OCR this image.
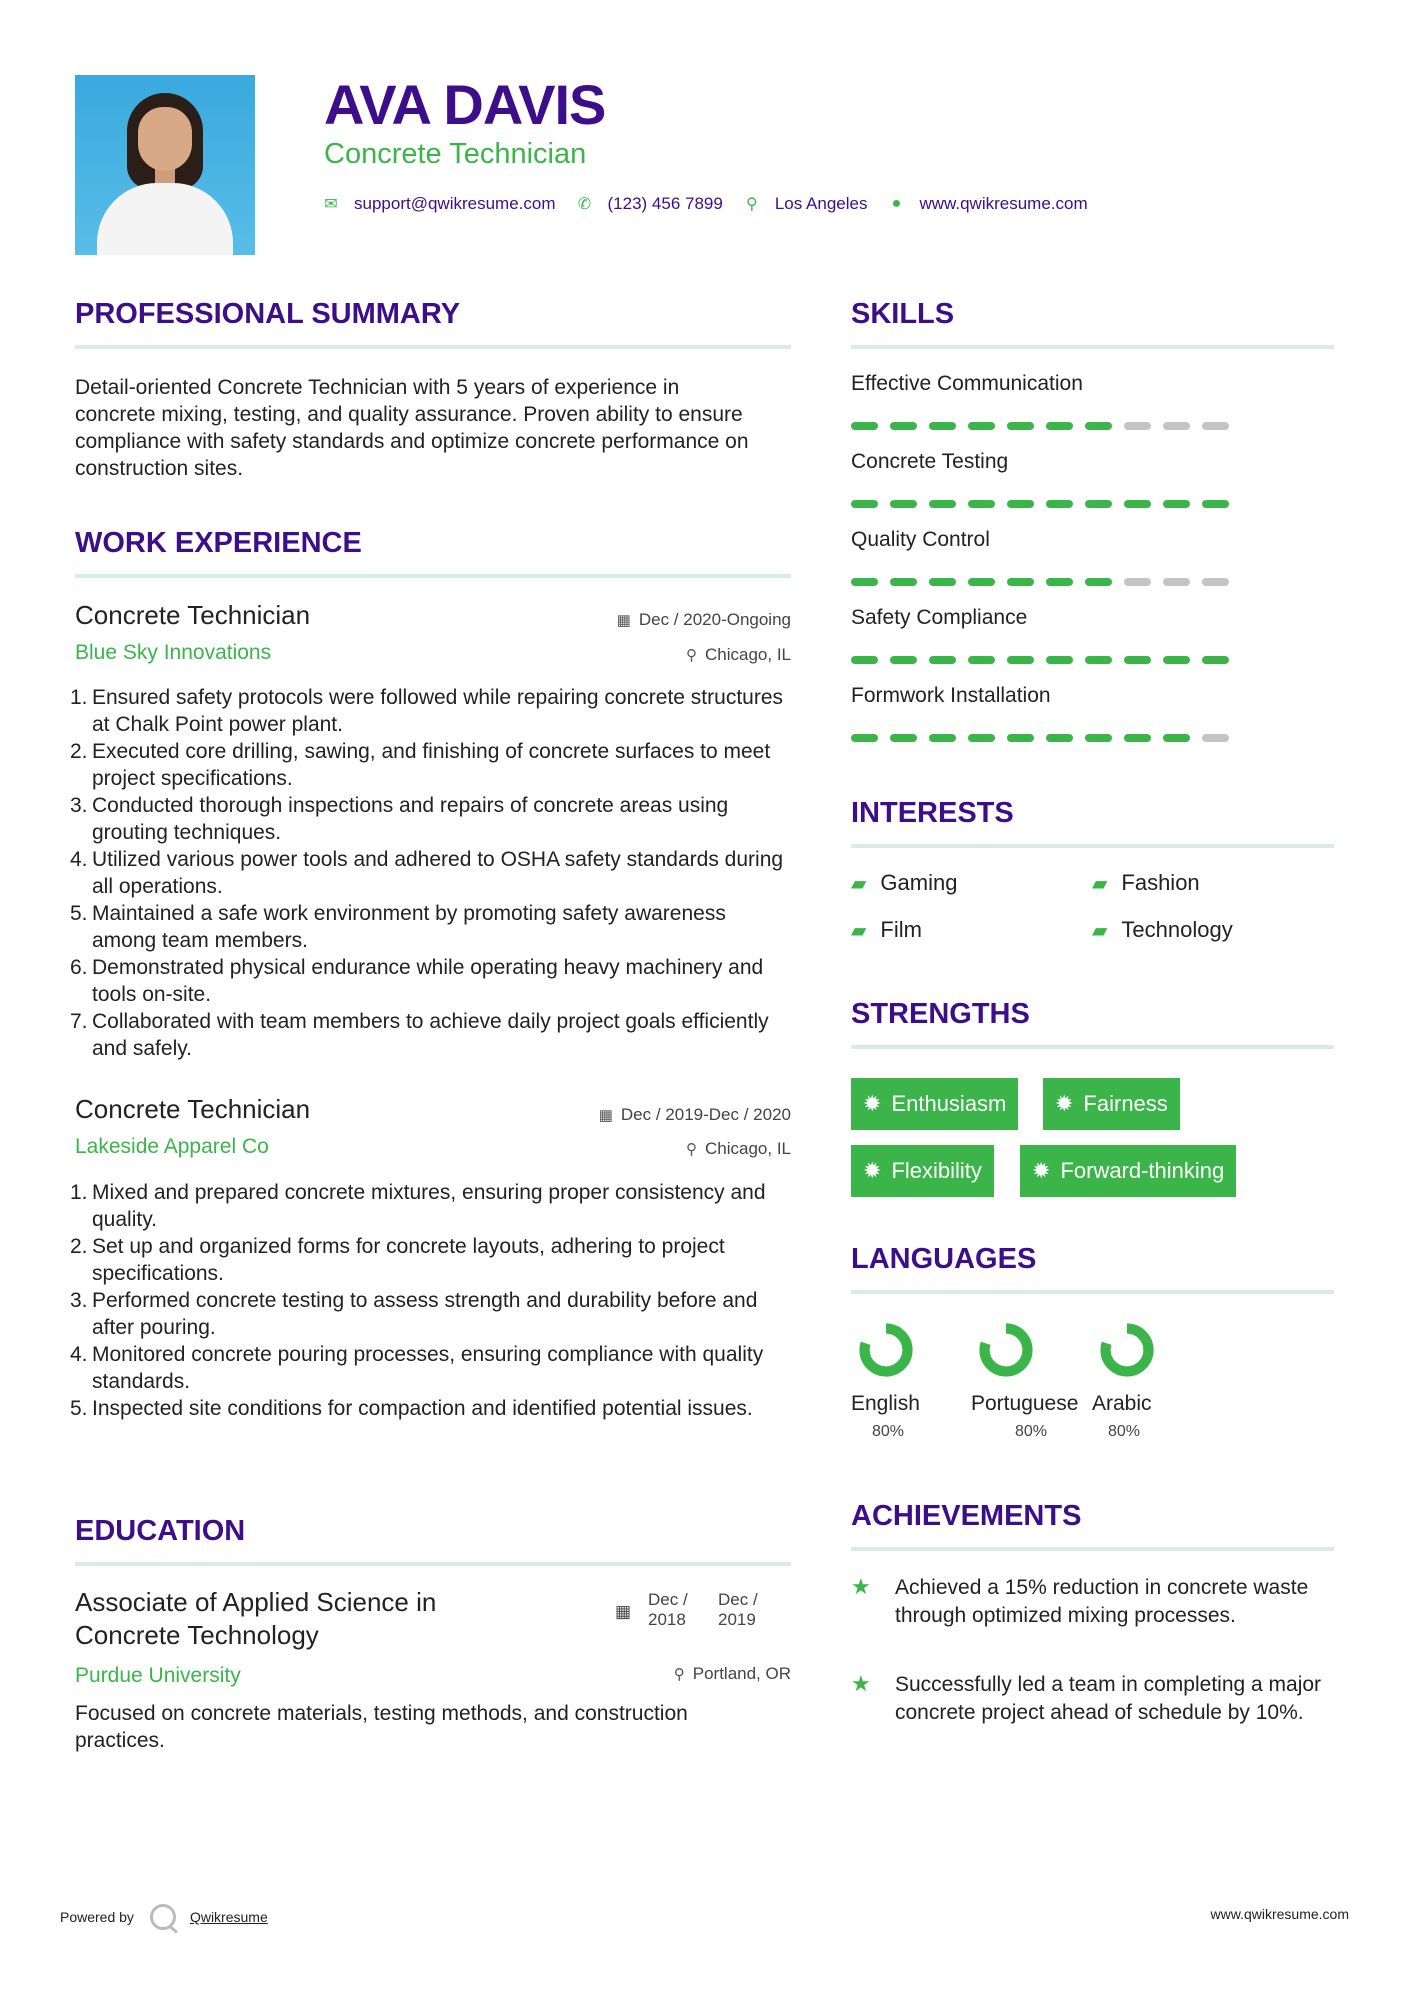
AVA DAVIS
Concrete Technician
✉ support@qwikresume.com ✆ (123) 456 7899 ⚲ Los Angeles ● www.qwikresume.com
PROFESSIONAL SUMMARY

Detail-oriented Concrete Technician with 5 years of experience in concrete mixing, testing, and quality assurance. Proven ability to ensure compliance with safety standards and optimize concrete performance on construction sites.

WORK EXPERIENCE
Concrete Technician	▦ Dec / 2020-Ongoing
Blue Sky Innovations	⚲ Chicago, IL
1. Ensured safety protocols were followed while repairing concrete structures at Chalk Point power plant.
2. Executed core drilling, sawing, and finishing of concrete surfaces to meet project specifications.
3. Conducted thorough inspections and repairs of concrete areas using grouting techniques.
4. Utilized various power tools and adhered to OSHA safety standards during all operations.
5. Maintained a safe work environment by promoting safety awareness among team members.
6. Demonstrated physical endurance while operating heavy machinery and tools on-site.
7. Collaborated with team members to achieve daily project goals efficiently and safely.
Concrete Technician	▦ Dec / 2019-Dec / 2020
Lakeside Apparel Co	⚲ Chicago, IL
1. Mixed and prepared concrete mixtures, ensuring proper consistency and quality.
2. Set up and organized forms for concrete layouts, adhering to project specifications.
3. Performed concrete testing to assess strength and durability before and after pouring.
4. Monitored concrete pouring processes, ensuring compliance with quality standards.
5. Inspected site conditions for compaction and identified potential issues.
EDUCATION
Associate of Applied Science in Concrete Technology
▦
Dec /
2018
Dec /
2019
Purdue University	⚲ Portland, OR

Focused on concrete materials, testing methods, and construction practices.

SKILLS
Effective Communication
Concrete Testing
Quality Control
Safety Compliance
Formwork Installation
INTERESTS
▰ Gaming	▰ Fashion
▰ Film	▰ Technology
STRENGTHS
✹ Enthusiasm ✹ Fairness
✹ Flexibility ✹ Forward-thinking
LANGUAGES
English
80%
Portuguese
80%
Arabic
80%
ACHIEVEMENTS
★	Achieved a 15% reduction in concrete waste through optimized mixing processes.
★	Successfully led a team in completing a major concrete project ahead of schedule by 10%.
Powered by	Qwikresume	www.qwikresume.com
